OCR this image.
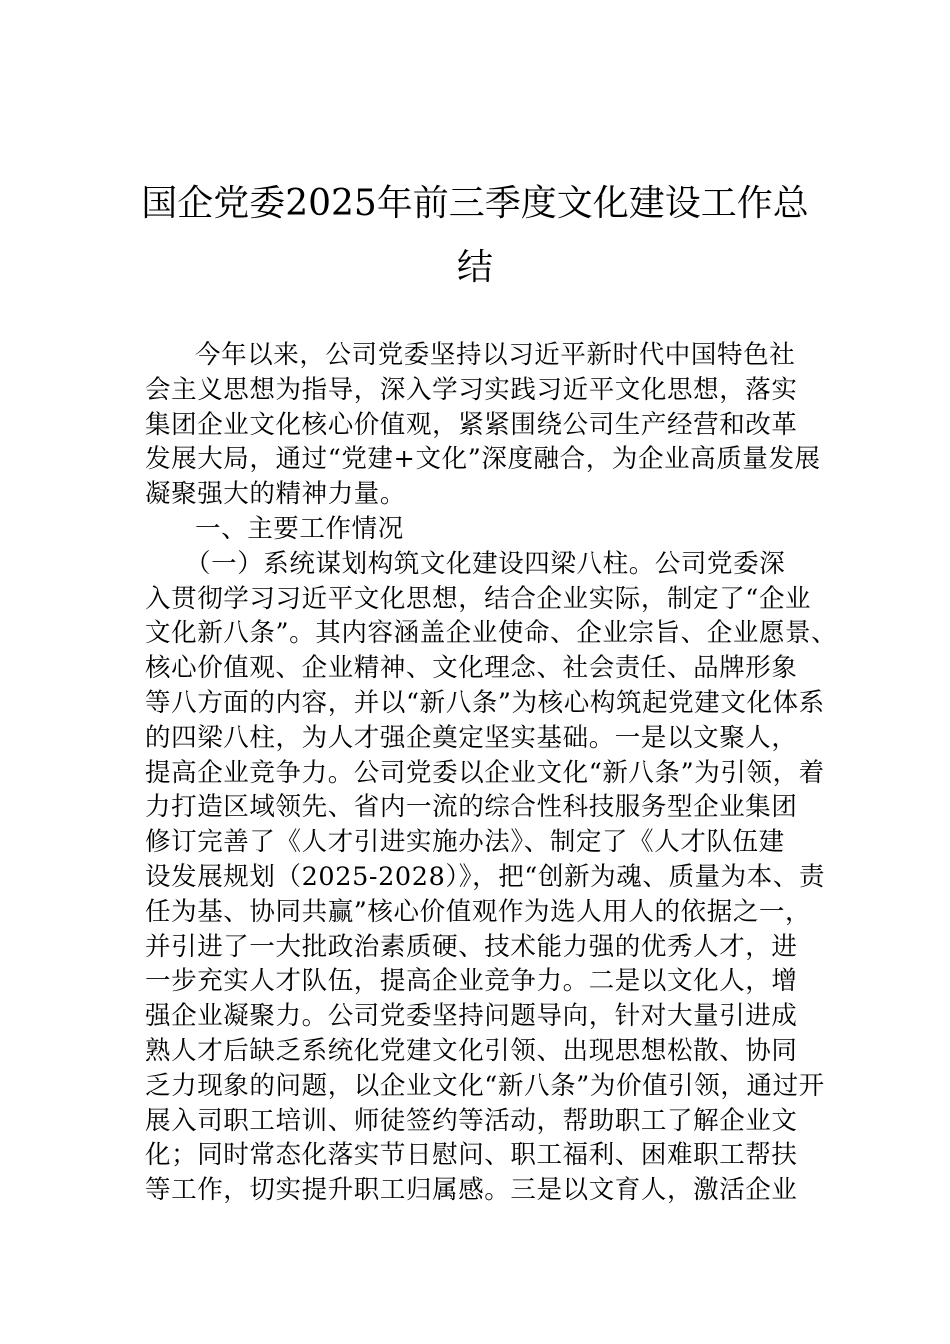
国企党委2025年前三季度文化建设工作总
结
今年以来，公司党委坚持以习近平新时代中国特色社
会主义思想为指导，深入学习实践习近平文化思想，落实
集团企业文化核心价值观，紧紧围绕公司生产经营和改革
发展大局，通过“党建+文化”深度融合，为企业高质量发展
凝聚强大的精神力量。
一、主要工作情况
（一）系统谋划构筑文化建设四梁八柱。公司党委深
入贯彻学习习近平文化思想，结合企业实际，制定了“企业
文化新八条”。其内容涵盖企业使命、企业宗旨、企业愿景、
核心价值观、企业精神、文化理念、社会责任、品牌形象
等八方面的内容，并以“新八条”为核心构筑起党建文化体系
的四梁八柱，为人才强企奠定坚实基础。一是以文聚人，
提高企业竞争力。公司党委以企业文化“新八条”为引领，着
力打造区域领先、省内一流的综合性科技服务型企业集团
修订完善了《人才引进实施办法》、制定了《人才队伍建
设发展规划（2025-2028）》，把“创新为魂、质量为本、责
任为基、协同共赢”核心价值观作为选人用人的依据之一，
并引进了一大批政治素质硬、技术能力强的优秀人才，进
一步充实人才队伍，提高企业竞争力。二是以文化人，增
强企业凝聚力。公司党委坚持问题导向，针对大量引进成
熟人才后缺乏系统化党建文化引领、出现思想松散、协同
乏力现象的问题，以企业文化“新八条”为价值引领，通过开
展入司职工培训、师徒签约等活动，帮助职工了解企业文
化；同时常态化落实节日慰问、职工福利、困难职工帮扶
等工作，切实提升职工归属感。三是以文育人，激活企业
